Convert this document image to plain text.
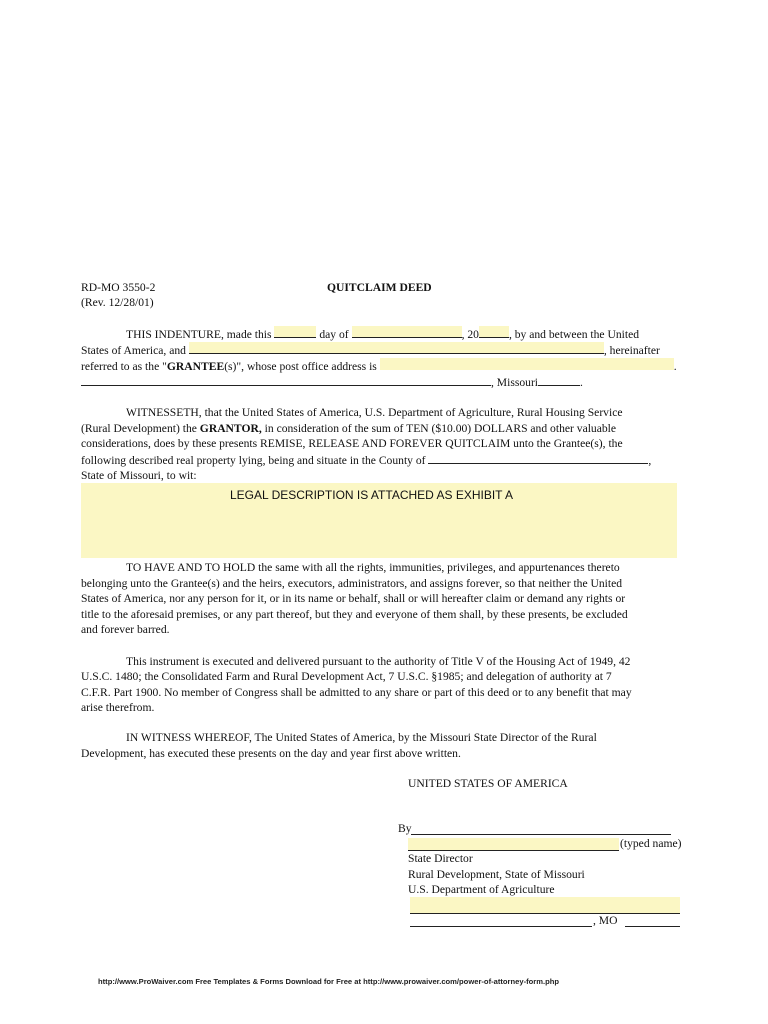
RD-MO 3550-2
(Rev. 12/28/01)
QUITCLAIM DEED
THIS INDENTURE, made this	day of	, 20	, by and between the United
States of America, and	, hereinafter
referred to as the "GRANTEE(s)", whose post office address is	.
, Missouri	.
WITNESSETH, that the United States of America, U.S. Department of Agriculture, Rural Housing Service
(Rural Development) the GRANTOR, in consideration of the sum of TEN ($10.00) DOLLARS and other valuable
considerations, does by these presents REMISE, RELEASE AND FOREVER QUITCLAIM unto the Grantee(s), the
following described real property lying, being and situate in the County of	,
State of Missouri, to wit:
LEGAL DESCRIPTION IS ATTACHED AS EXHIBIT A
TO HAVE AND TO HOLD the same with all the rights, immunities, privileges, and appurtenances thereto
belonging unto the Grantee(s) and the heirs, executors, administrators, and assigns forever, so that neither the United
States of America, nor any person for it, or in its name or behalf, shall or will hereafter claim or demand any rights or
title to the aforesaid premises, or any part thereof, but they and everyone of them shall, by these presents, be excluded
and forever barred.
This instrument is executed and delivered pursuant to the authority of Title V of the Housing Act of 1949, 42
U.S.C. 1480; the Consolidated Farm and Rural Development Act, 7 U.S.C. §1985; and delegation of authority at 7
C.F.R. Part 1900. No member of Congress shall be admitted to any share or part of this deed or to any benefit that may
arise therefrom.
IN WITNESS WHEREOF, The United States of America, by the Missouri State Director of the Rural
Development, has executed these presents on the day and year first above written.
UNITED STATES OF AMERICA
By
(typed name)
State Director
Rural Development, State of Missouri
U.S. Department of Agriculture
, MO
http://www.ProWaiver.com Free Templates & Forms Download for Free at http://www.prowaiver.com/power-of-attorney-form.php
